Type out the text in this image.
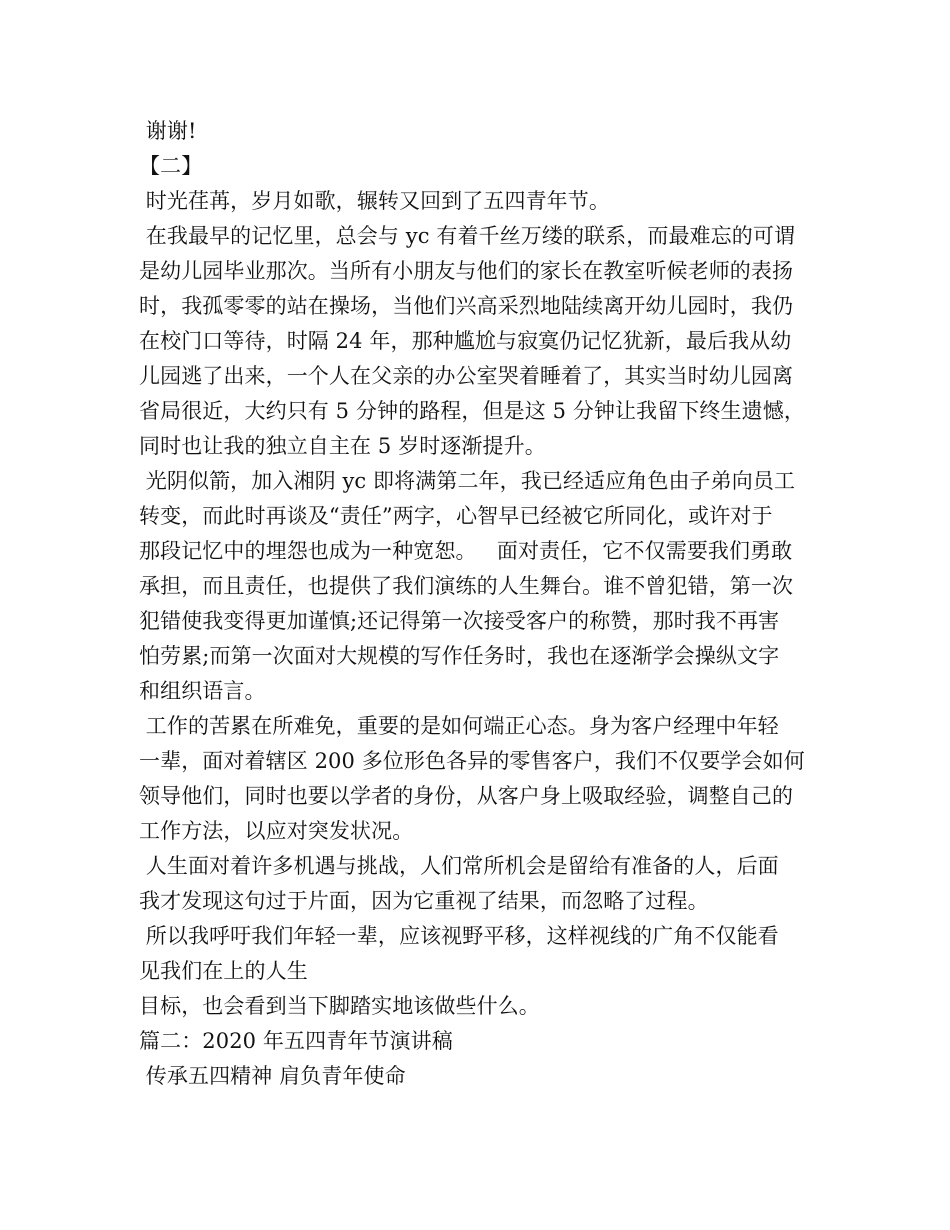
谢谢!
【二】
时光荏苒，岁月如歌，辗转又回到了五四青年节。
在我最早的记忆里，总会与 yc 有着千丝万缕的联系，而最难忘的可谓
是幼儿园毕业那次。当所有小朋友与他们的家长在教室听候老师的表扬
时，我孤零零的站在操场，当他们兴高采烈地陆续离开幼儿园时，我仍
在校门口等待，时隔 24 年，那种尴尬与寂寞仍记忆犹新，最后我从幼
儿园逃了出来，一个人在父亲的办公室哭着睡着了，其实当时幼儿园离
省局很近，大约只有 5 分钟的路程，但是这 5 分钟让我留下终生遗憾，
同时也让我的独立自主在 5 岁时逐渐提升。
光阴似箭，加入湘阴 yc 即将满第二年，我已经适应角色由子弟向员工
转变，而此时再谈及“责任”两字，心智早已经被它所同化，或许对于
那段记忆中的埋怨也成为一种宽恕。   面对责任，它不仅需要我们勇敢
承担，而且责任，也提供了我们演练的人生舞台。谁不曾犯错，第一次
犯错使我变得更加谨慎;还记得第一次接受客户的称赞，那时我不再害
怕劳累;而第一次面对大规模的写作任务时，我也在逐渐学会操纵文字
和组织语言。
工作的苦累在所难免，重要的是如何端正心态。身为客户经理中年轻
一辈，面对着辖区 200 多位形色各异的零售客户，我们不仅要学会如何
领导他们，同时也要以学者的身份，从客户身上吸取经验，调整自己的
工作方法，以应对突发状况。
人生面对着许多机遇与挑战，人们常所机会是留给有准备的人，后面
我才发现这句过于片面，因为它重视了结果，而忽略了过程。
所以我呼吁我们年轻一辈，应该视野平移，这样视线的广角不仅能看
见我们在上的人生
目标，也会看到当下脚踏实地该做些什么。
篇二：2020 年五四青年节演讲稿
传承五四精神 肩负青年使命
